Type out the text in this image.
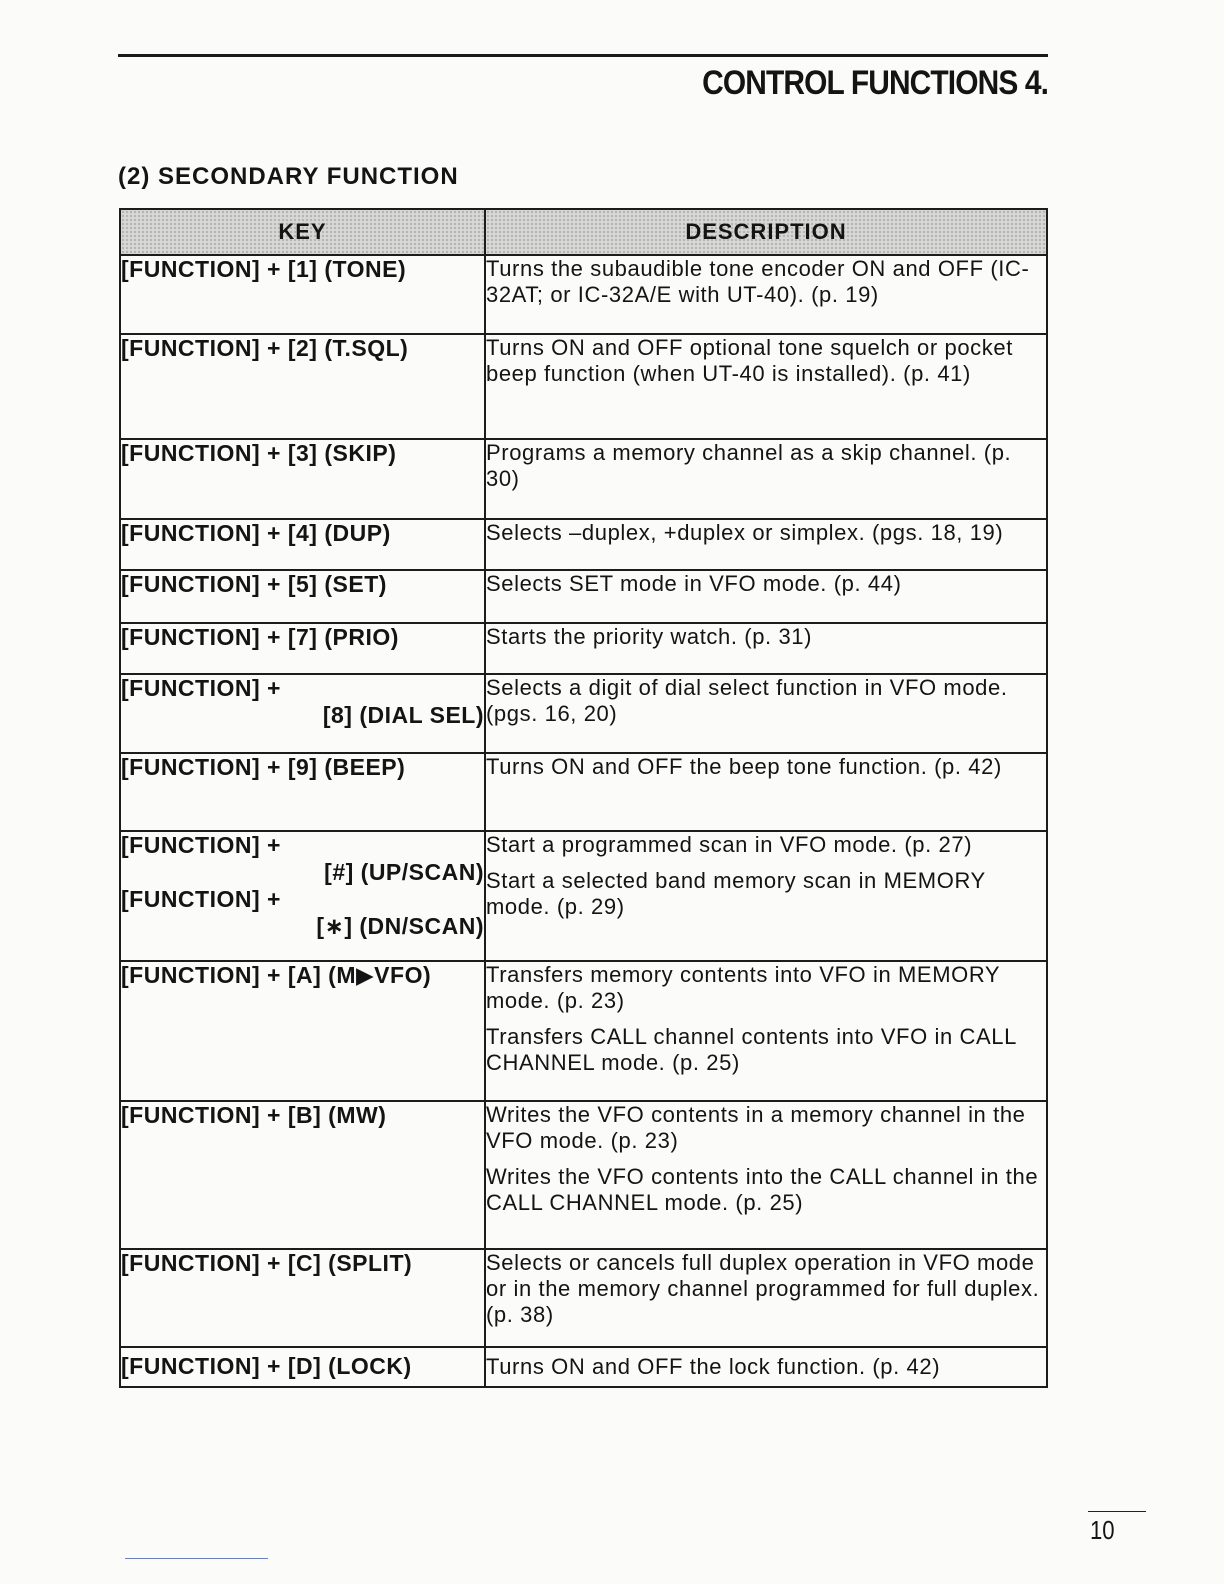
CONTROL FUNCTIONS 4.
(2) SECONDARY FUNCTION
KEY	DESCRIPTION

[FUNCTION] + [1] (TONE)	Turns the subaudible tone encoder ON and OFF (IC-32AT; or IC-32A/E with UT-40). (p. 19)

[FUNCTION] + [2] (T.SQL)	Turns ON and OFF optional tone squelch or pocket beep function (when UT-40 is installed). (p. 41)

[FUNCTION] + [3] (SKIP)	Programs a memory channel as a skip channel. (p. 30)

[FUNCTION] + [4] (DUP)	Selects –duplex, +duplex or simplex. (pgs. 18, 19)

[FUNCTION] + [5] (SET)	Selects SET mode in VFO mode. (p. 44)

[FUNCTION] + [7] (PRIO)	Starts the priority watch. (p. 31)

[FUNCTION] +
[8] (DIAL SEL)	Selects a digit of dial select function in VFO mode. (pgs. 16, 20)

[FUNCTION] + [9] (BEEP)	Turns ON and OFF the beep tone function. (p. 42)

[FUNCTION] +
[#] (UP/SCAN)
[FUNCTION] +
[∗] (DN/SCAN)	Start a programmed scan in VFO mode. (p. 27)
Start a selected band memory scan in MEMORY mode. (p. 29)

[FUNCTION] + [A] (M▶VFO)	Transfers memory contents into VFO in MEMORY mode. (p. 23)
Transfers CALL channel contents into VFO in CALL CHANNEL mode. (p. 25)

[FUNCTION] + [B] (MW)	Writes the VFO contents in a memory channel in the VFO mode. (p. 23)
Writes the VFO contents into the CALL channel in the CALL CHANNEL mode. (p. 25)

[FUNCTION] + [C] (SPLIT)	Selects or cancels full duplex operation in VFO mode or in the memory channel programmed for full duplex. (p. 38)

[FUNCTION] + [D] (LOCK)	Turns ON and OFF the lock function. (p. 42)
10
